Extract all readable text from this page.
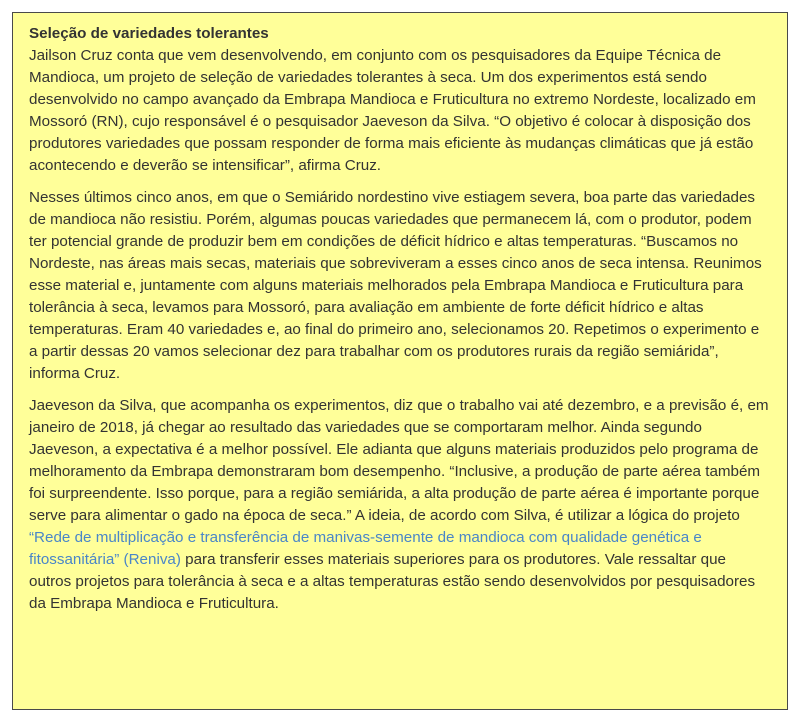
Seleção de variedades tolerantes

Jailson Cruz conta que vem desenvolvendo, em conjunto com os pesquisadores da Equipe Técnica de Mandioca, um projeto de seleção de variedades tolerantes à seca. Um dos experimentos está sendo desenvolvido no campo avançado da Embrapa Mandioca e Fruticultura no extremo Nordeste, localizado em Mossoró (RN), cujo responsável é o pesquisador Jaeveson da Silva. “O objetivo é colocar à disposição dos produtores variedades que possam responder de forma mais eficiente às mudanças climáticas que já estão acontecendo e deverão se intensificar”, afirma Cruz.

Nesses últimos cinco anos, em que o Semiárido nordestino vive estiagem severa, boa parte das variedades de mandioca não resistiu. Porém, algumas poucas variedades que permanecem lá, com o produtor, podem ter potencial grande de produzir bem em condições de déficit hídrico e altas temperaturas. “Buscamos no Nordeste, nas áreas mais secas, materiais que sobreviveram a esses cinco anos de seca intensa. Reunimos esse material e, juntamente com alguns materiais melhorados pela Embrapa Mandioca e Fruticultura para tolerância à seca, levamos para Mossoró, para avaliação em ambiente de forte déficit hídrico e altas temperaturas. Eram 40 variedades e, ao final do primeiro ano, selecionamos 20. Repetimos o experimento e a partir dessas 20 vamos selecionar dez para trabalhar com os produtores rurais da região semiárida”, informa Cruz.

Jaeveson da Silva, que acompanha os experimentos, diz que o trabalho vai até dezembro, e a previsão é, em janeiro de 2018, já chegar ao resultado das variedades que se comportaram melhor. Ainda segundo Jaeveson, a expectativa é a melhor possível. Ele adianta que alguns materiais produzidos pelo programa de melhoramento da Embrapa demonstraram bom desempenho. “Inclusive, a produção de parte aérea também foi surpreendente. Isso porque, para a região semiárida, a alta produção de parte aérea é importante porque serve para alimentar o gado na época de seca.” A ideia, de acordo com Silva, é utilizar a lógica do projeto “Rede de multiplicação e transferência de manivas-semente de mandioca com qualidade genética e fitossanitária” (Reniva) para transferir esses materiais superiores para os produtores. Vale ressaltar que outros projetos para tolerância à seca e a altas temperaturas estão sendo desenvolvidos por pesquisadores da Embrapa Mandioca e Fruticultura.
